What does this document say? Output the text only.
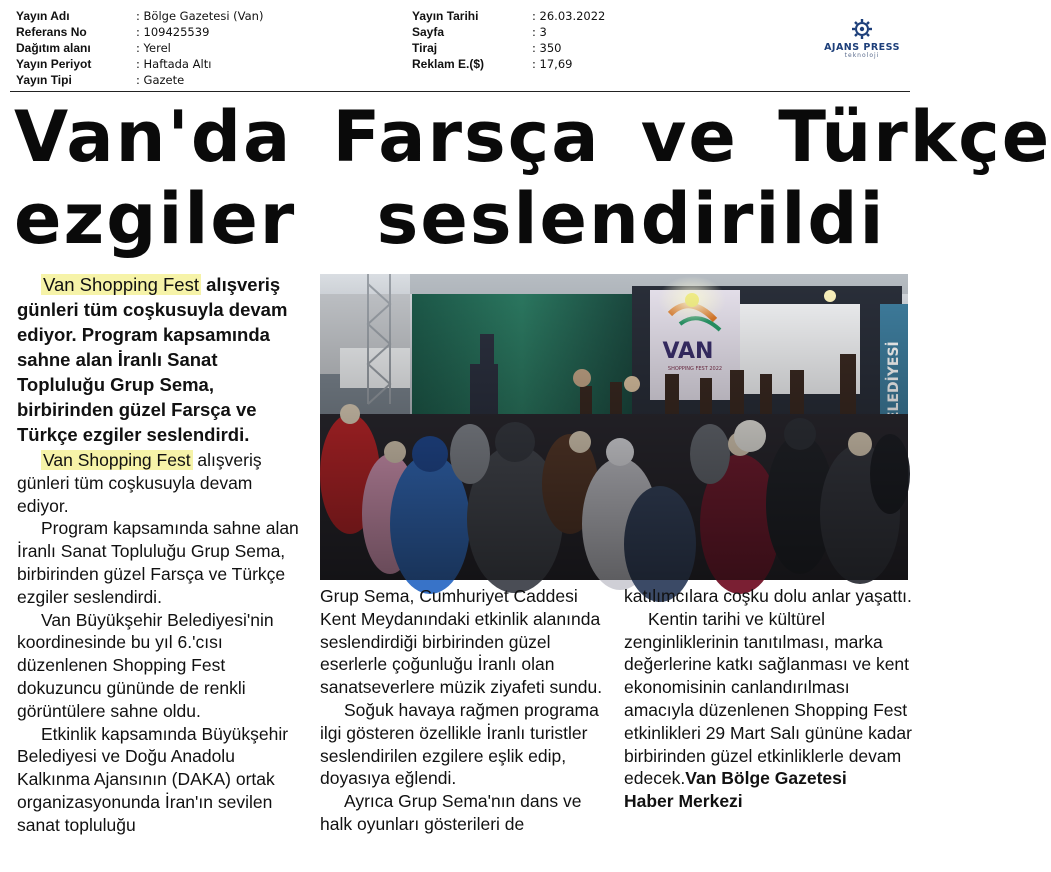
Yayın Adı	: Bölge Gazetesi (Van)
Referans No	: 109425539
Dağıtım alanı	: Yerel
Yayın Periyot	: Haftada Altı
Yayın Tipi	: Gazete
Yayın Tarihi	: 26.03.2022
Sayfa	: 3
Tiraj	: 350
Reklam E.($)	: 17,69
AJANS PRESS
teknoloji
Van'da Farsça ve Türkçe
ezgiler seslendirildi

Van Shopping Fest alışveriş günleri tüm coşkusuyla devam ediyor. Program kapsamında sahne alan İranlı Sanat Topluluğu Grup Sema, birbirinden güzel Farsça ve Türkçe ezgiler seslendirdi.

Van Shopping Fest alışveriş günleri tüm coşkusuyla devam ediyor.

Program kapsamında sahne alan İranlı Sanat Topluluğu Grup Sema, birbirinden güzel Farsça ve Türkçe ezgiler seslendirdi.

Van Büyükşehir Belediyesi'nin koordinesinde bu yıl 6.'cısı düzenlenen Shopping Fest dokuzuncu gününde de renkli görüntülere sahne oldu.

Etkinlik kapsamında Büyükşehir Belediyesi ve Doğu Anadolu Kalkınma Ajansının (DAKA) ortak organizasyonunda İran'ın sevilen sanat topluluğu

Grup Sema, Cumhuriyet Caddesi Kent Meydanındaki etkinlik alanında seslendirdiği birbirinden güzel eserlerle çoğunluğu İranlı olan sanatseverlere müzik ziyafeti sundu.

Soğuk havaya rağmen programa ilgi gösteren özellikle İranlı turistler seslendirilen ezgilere eşlik edip, doyasıya eğlendi.

Ayrıca Grup Sema'nın dans ve halk oyunları gösterileri de

katılımcılara coşku dolu anlar yaşattı.

Kentin tarihi ve kültürel zenginliklerinin tanıtılması, marka değerlerine katkı sağlanması ve kent ekonomisinin canlandırılması amacıyla düzenlenen Shopping Fest etkinlikleri 29 Mart Salı gününe kadar birbirinden güzel etkinliklerle devam edecek.Van Bölge Gazetesi
Haber Merkezi
